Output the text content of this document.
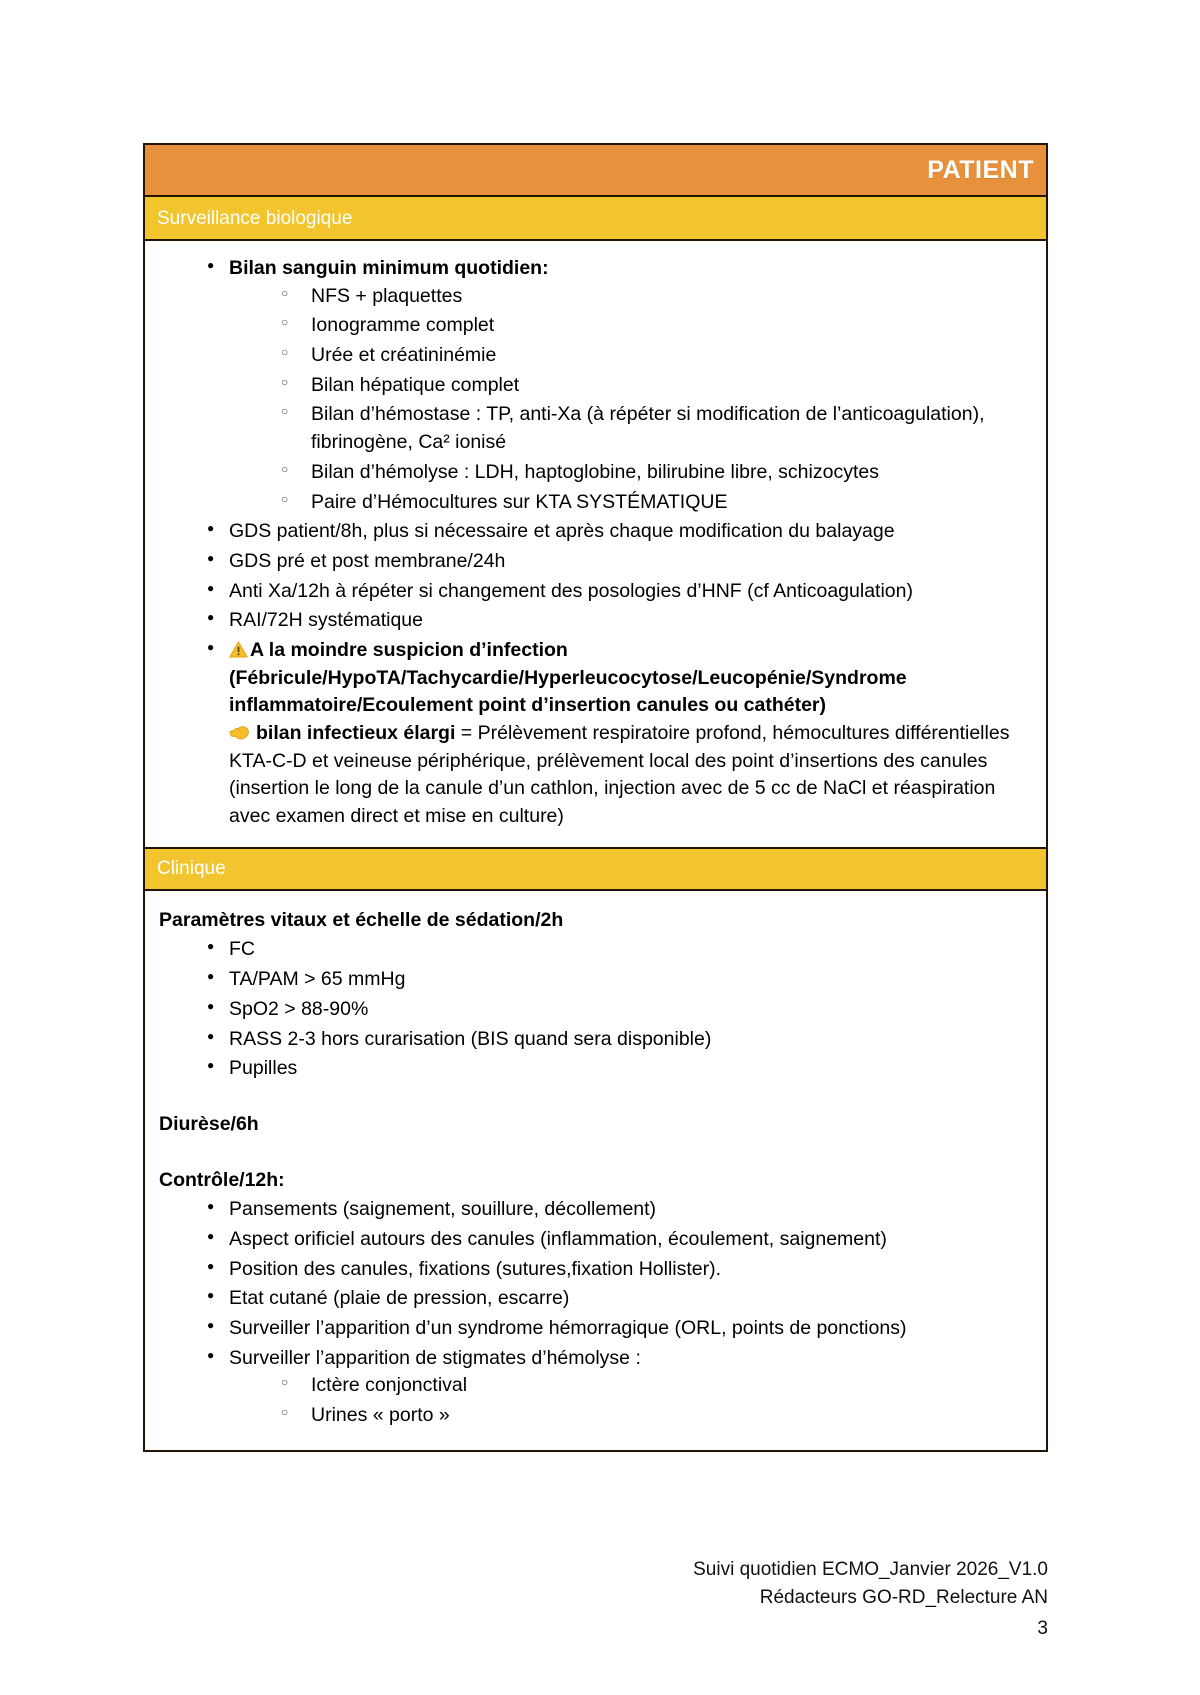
PATIENT
Surveillance biologique
● Bilan sanguin minimum quotidien:
○ NFS + plaquettes
○ Ionogramme complet
○ Urée et créatininémie
○ Bilan hépatique complet
○ Bilan d’hémostase : TP, anti-Xa (à répéter si modification de l’anticoagulation), fibrinogène, Ca² ionisé
○ Bilan d’hémolyse : LDH, haptoglobine, bilirubine libre, schizocytes
○ Paire d’Hémocultures sur KTA SYSTÉMATIQUE
● GDS patient/8h, plus si nécessaire et après chaque modification du balayage
● GDS pré et post membrane/24h
● Anti Xa/12h à répéter si changement des posologies d’HNF (cf Anticoagulation)
● RAI/72H systématique
● A la moindre suspicion d’infection
(Fébricule/HypoTA/Tachycardie/Hyperleucocytose/Leucopénie/Syndrome inflammatoire/Ecoulement point d’insertion canules ou cathéter)
bilan infectieux élargi = Prélèvement respiratoire profond, hémocultures différentielles KTA-C-D et veineuse périphérique, prélèvement local des point d’insertions des canules (insertion le long de la canule d’un cathlon, injection avec de 5 cc de NaCl et réaspiration avec examen direct et mise en culture)
Clinique

Paramètres vitaux et échelle de sédation/2h

● FC
● TA/PAM > 65 mmHg
● SpO2 > 88-90%
● RASS 2-3 hors curarisation (BIS quand sera disponible)
● Pupilles

Diurèse/6h

Contrôle/12h:

● Pansements (saignement, souillure, décollement)
● Aspect orificiel autours des canules (inflammation, écoulement, saignement)
● Position des canules, fixations (sutures,fixation Hollister).
● Etat cutané (plaie de pression, escarre)
● Surveiller l’apparition d’un syndrome hémorragique (ORL, points de ponctions)
● Surveiller l’apparition de stigmates d’hémolyse :
○ Ictère conjonctival
○ Urines « porto »
Suivi quotidien ECMO_Janvier 2026_V1.0
Rédacteurs GO-RD_Relecture AN
3
